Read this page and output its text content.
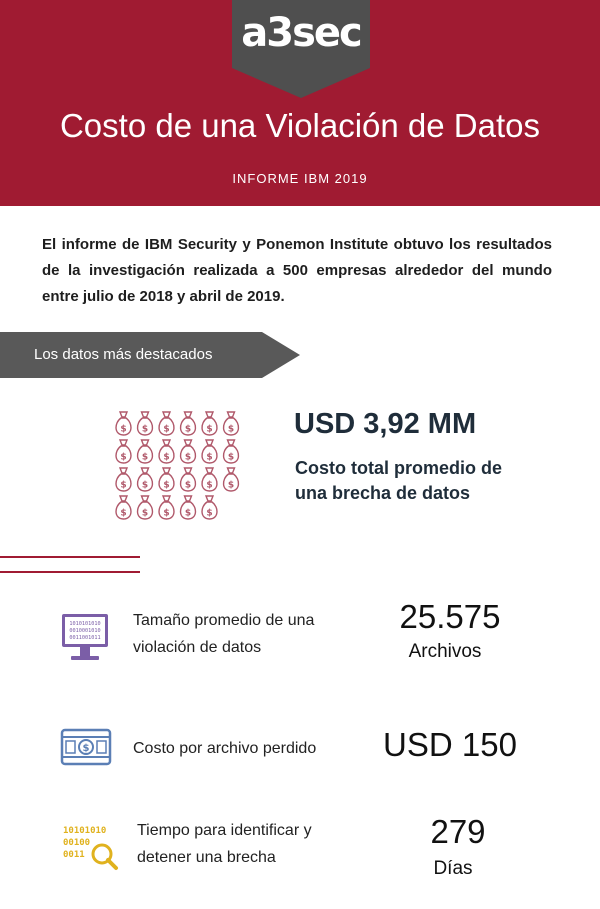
a3sec
Costo de una Violación de Datos
INFORME IBM 2019
El informe de IBM Security y Ponemon Institute obtuvo los resultados de la investigación realizada a 500 empresas alrededor del mundo entre julio de 2018 y abril de 2019.
Los datos más destacados
$ $ $ $ $ $
$ $ $ $ $ $
$ $ $ $ $ $
$ $ $ $ $
USD 3,92 MM
Costo total promedio de una brecha de datos
1010101010
0010001010
0011001011
Tamaño promedio de una violación de datos
25.575
Archivos
$	Costo por archivo perdido	USD 150
10101010
00100
0011
Tiempo para identificar y detener una brecha
279
Días
